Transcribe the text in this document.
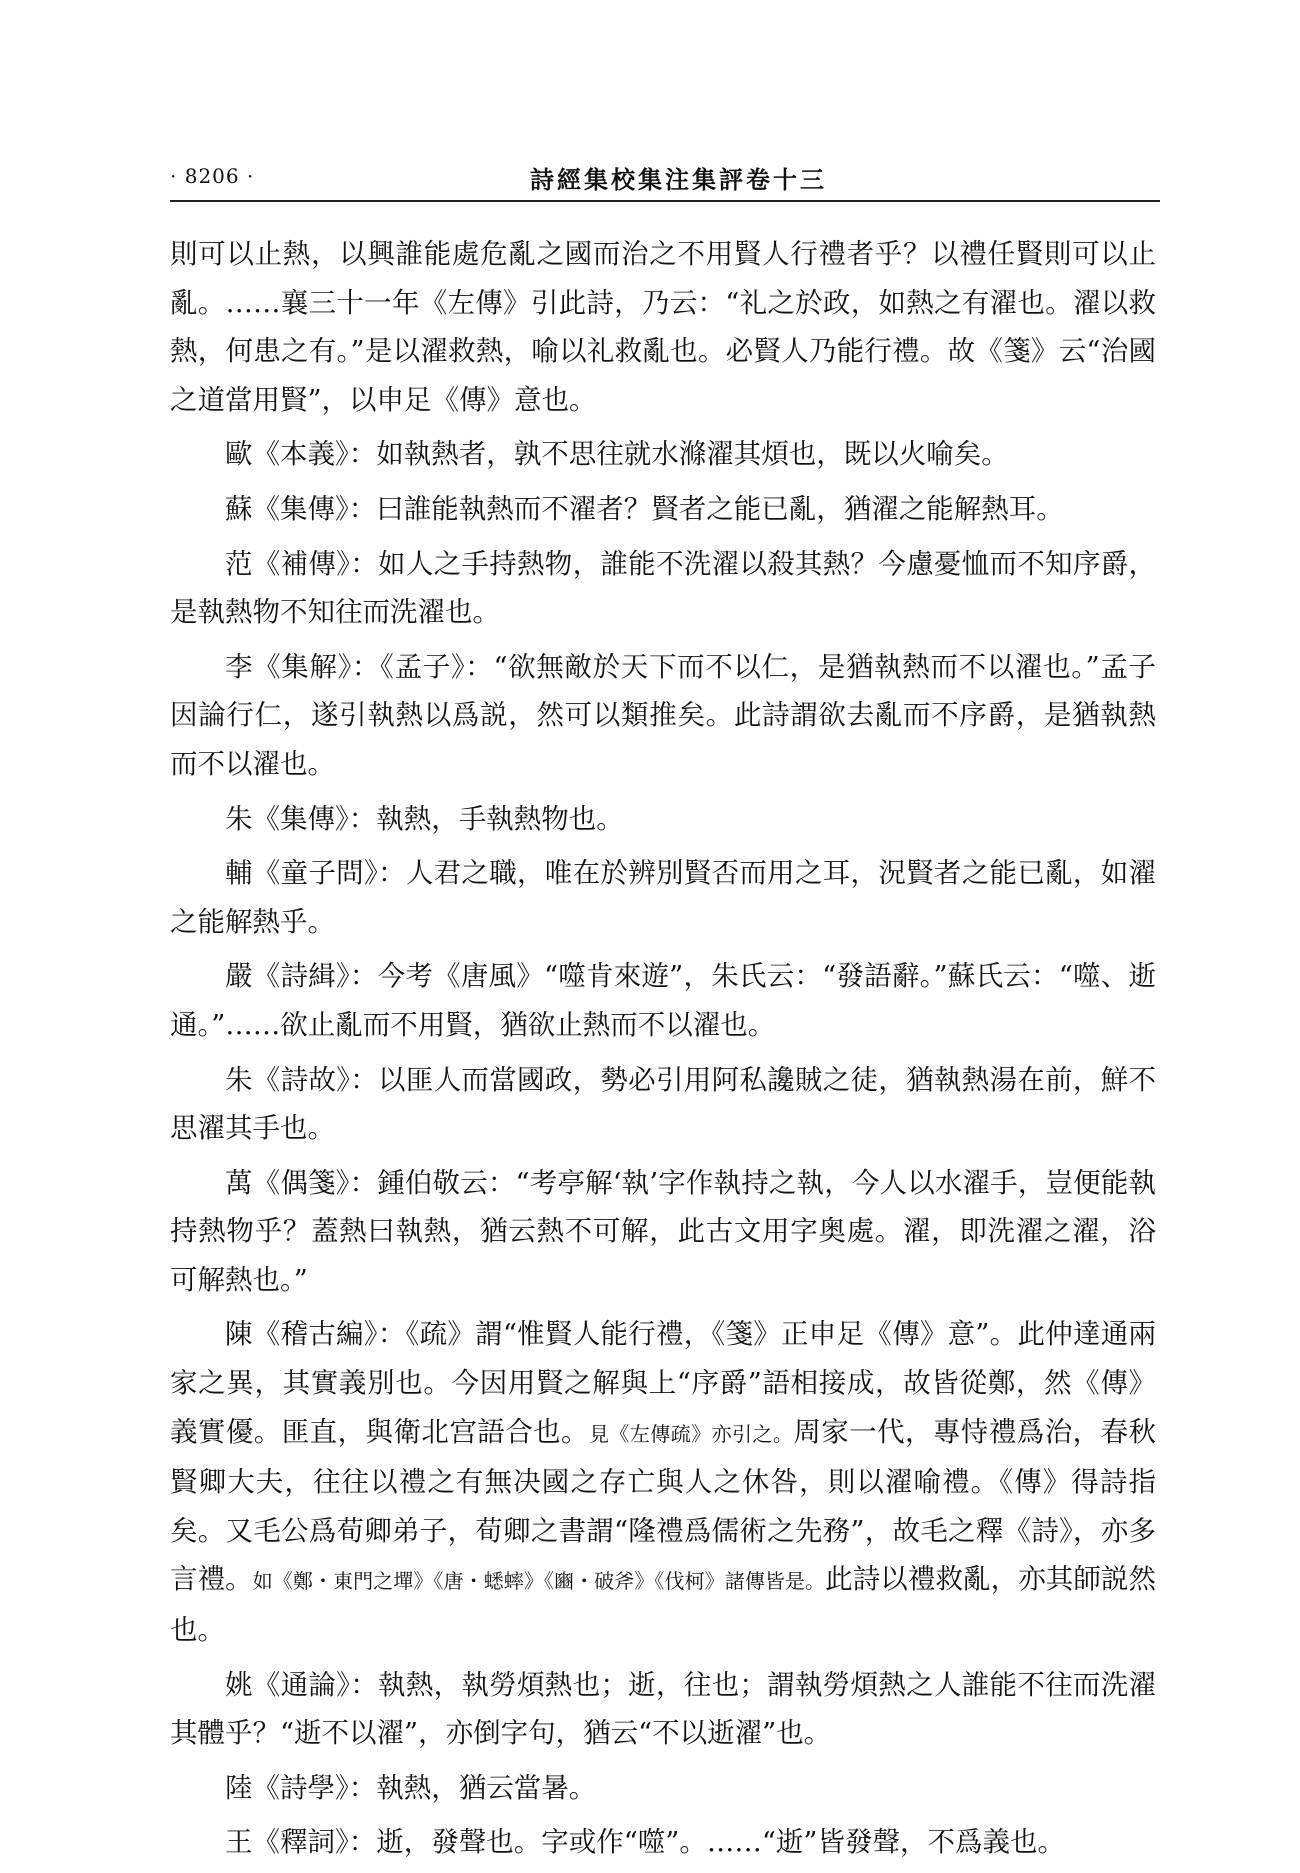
· 8206 ·	詩經集校集注集評卷十三

則可以止熱，以興誰能處危亂之國而治之不用賢人行禮者乎？以禮任賢則可以止亂。……襄三十一年《左傳》引此詩，乃云：“礼之於政，如熱之有濯也。濯以救熱，何患之有。”是以濯救熱，喻以礼救亂也。必賢人乃能行禮。故《箋》云“治國之道當用賢”，以申足《傳》意也。

歐《本義》：如執熱者，孰不思往就水滌濯其煩也，既以火喻矣。

蘇《集傳》：曰誰能執熱而不濯者？賢者之能已亂，猶濯之能解熱耳。

范《補傳》：如人之手持熱物，誰能不洗濯以殺其熱？今慮憂恤而不知序爵，是執熱物不知往而洗濯也。

李《集解》：《孟子》：“欲無敵於天下而不以仁，是猶執熱而不以濯也。”孟子因論行仁，遂引執熱以爲説，然可以類推矣。此詩謂欲去亂而不序爵，是猶執熱而不以濯也。

朱《集傳》：執熱，手執熱物也。

輔《童子問》：人君之職，唯在於辨別賢否而用之耳，況賢者之能已亂，如濯之能解熱乎。

嚴《詩緝》：今考《唐風》“噬肯來遊”，朱氏云：“發語辭。”蘇氏云：“噬、逝通。”……欲止亂而不用賢，猶欲止熱而不以濯也。

朱《詩故》：以匪人而當國政，勢必引用阿私讒賊之徒，猶執熱湯在前，鮮不思濯其手也。

萬《偶箋》：鍾伯敬云：“考亭解‘執’字作執持之執，今人以水濯手，豈便能執持熱物乎？蓋熱曰執熱，猶云熱不可解，此古文用字奥處。濯，即洗濯之濯，浴可解熱也。”

陳《稽古編》：《疏》謂“惟賢人能行禮，《箋》正申足《傳》意”。此仲達通兩家之異，其實義別也。今因用賢之解與上“序爵”語相接成，故皆從鄭，然《傳》義實優。匪直，與衛北宫語合也。見《左傳疏》亦引之。周家一代，專恃禮爲治，春秋賢卿大夫，往往以禮之有無决國之存亡與人之休咎，則以濯喻禮。《傳》得詩指矣。又毛公爲荀卿弟子，荀卿之書謂“隆禮爲儒術之先務”，故毛之釋《詩》，亦多言禮。如《鄭・東門之墠》《唐・蟋蟀》《豳・破斧》《伐柯》諸傳皆是。此詩以禮救亂，亦其師説然也。

姚《通論》：執熱，執勞煩熱也；逝，往也；謂執勞煩熱之人誰能不往而洗濯其體乎？“逝不以濯”，亦倒字句，猶云“不以逝濯”也。

陸《詩學》：執熱，猶云當暑。

王《釋詞》：逝，發聲也。字或作“噬”。……“逝”皆發聲，不爲義也。
